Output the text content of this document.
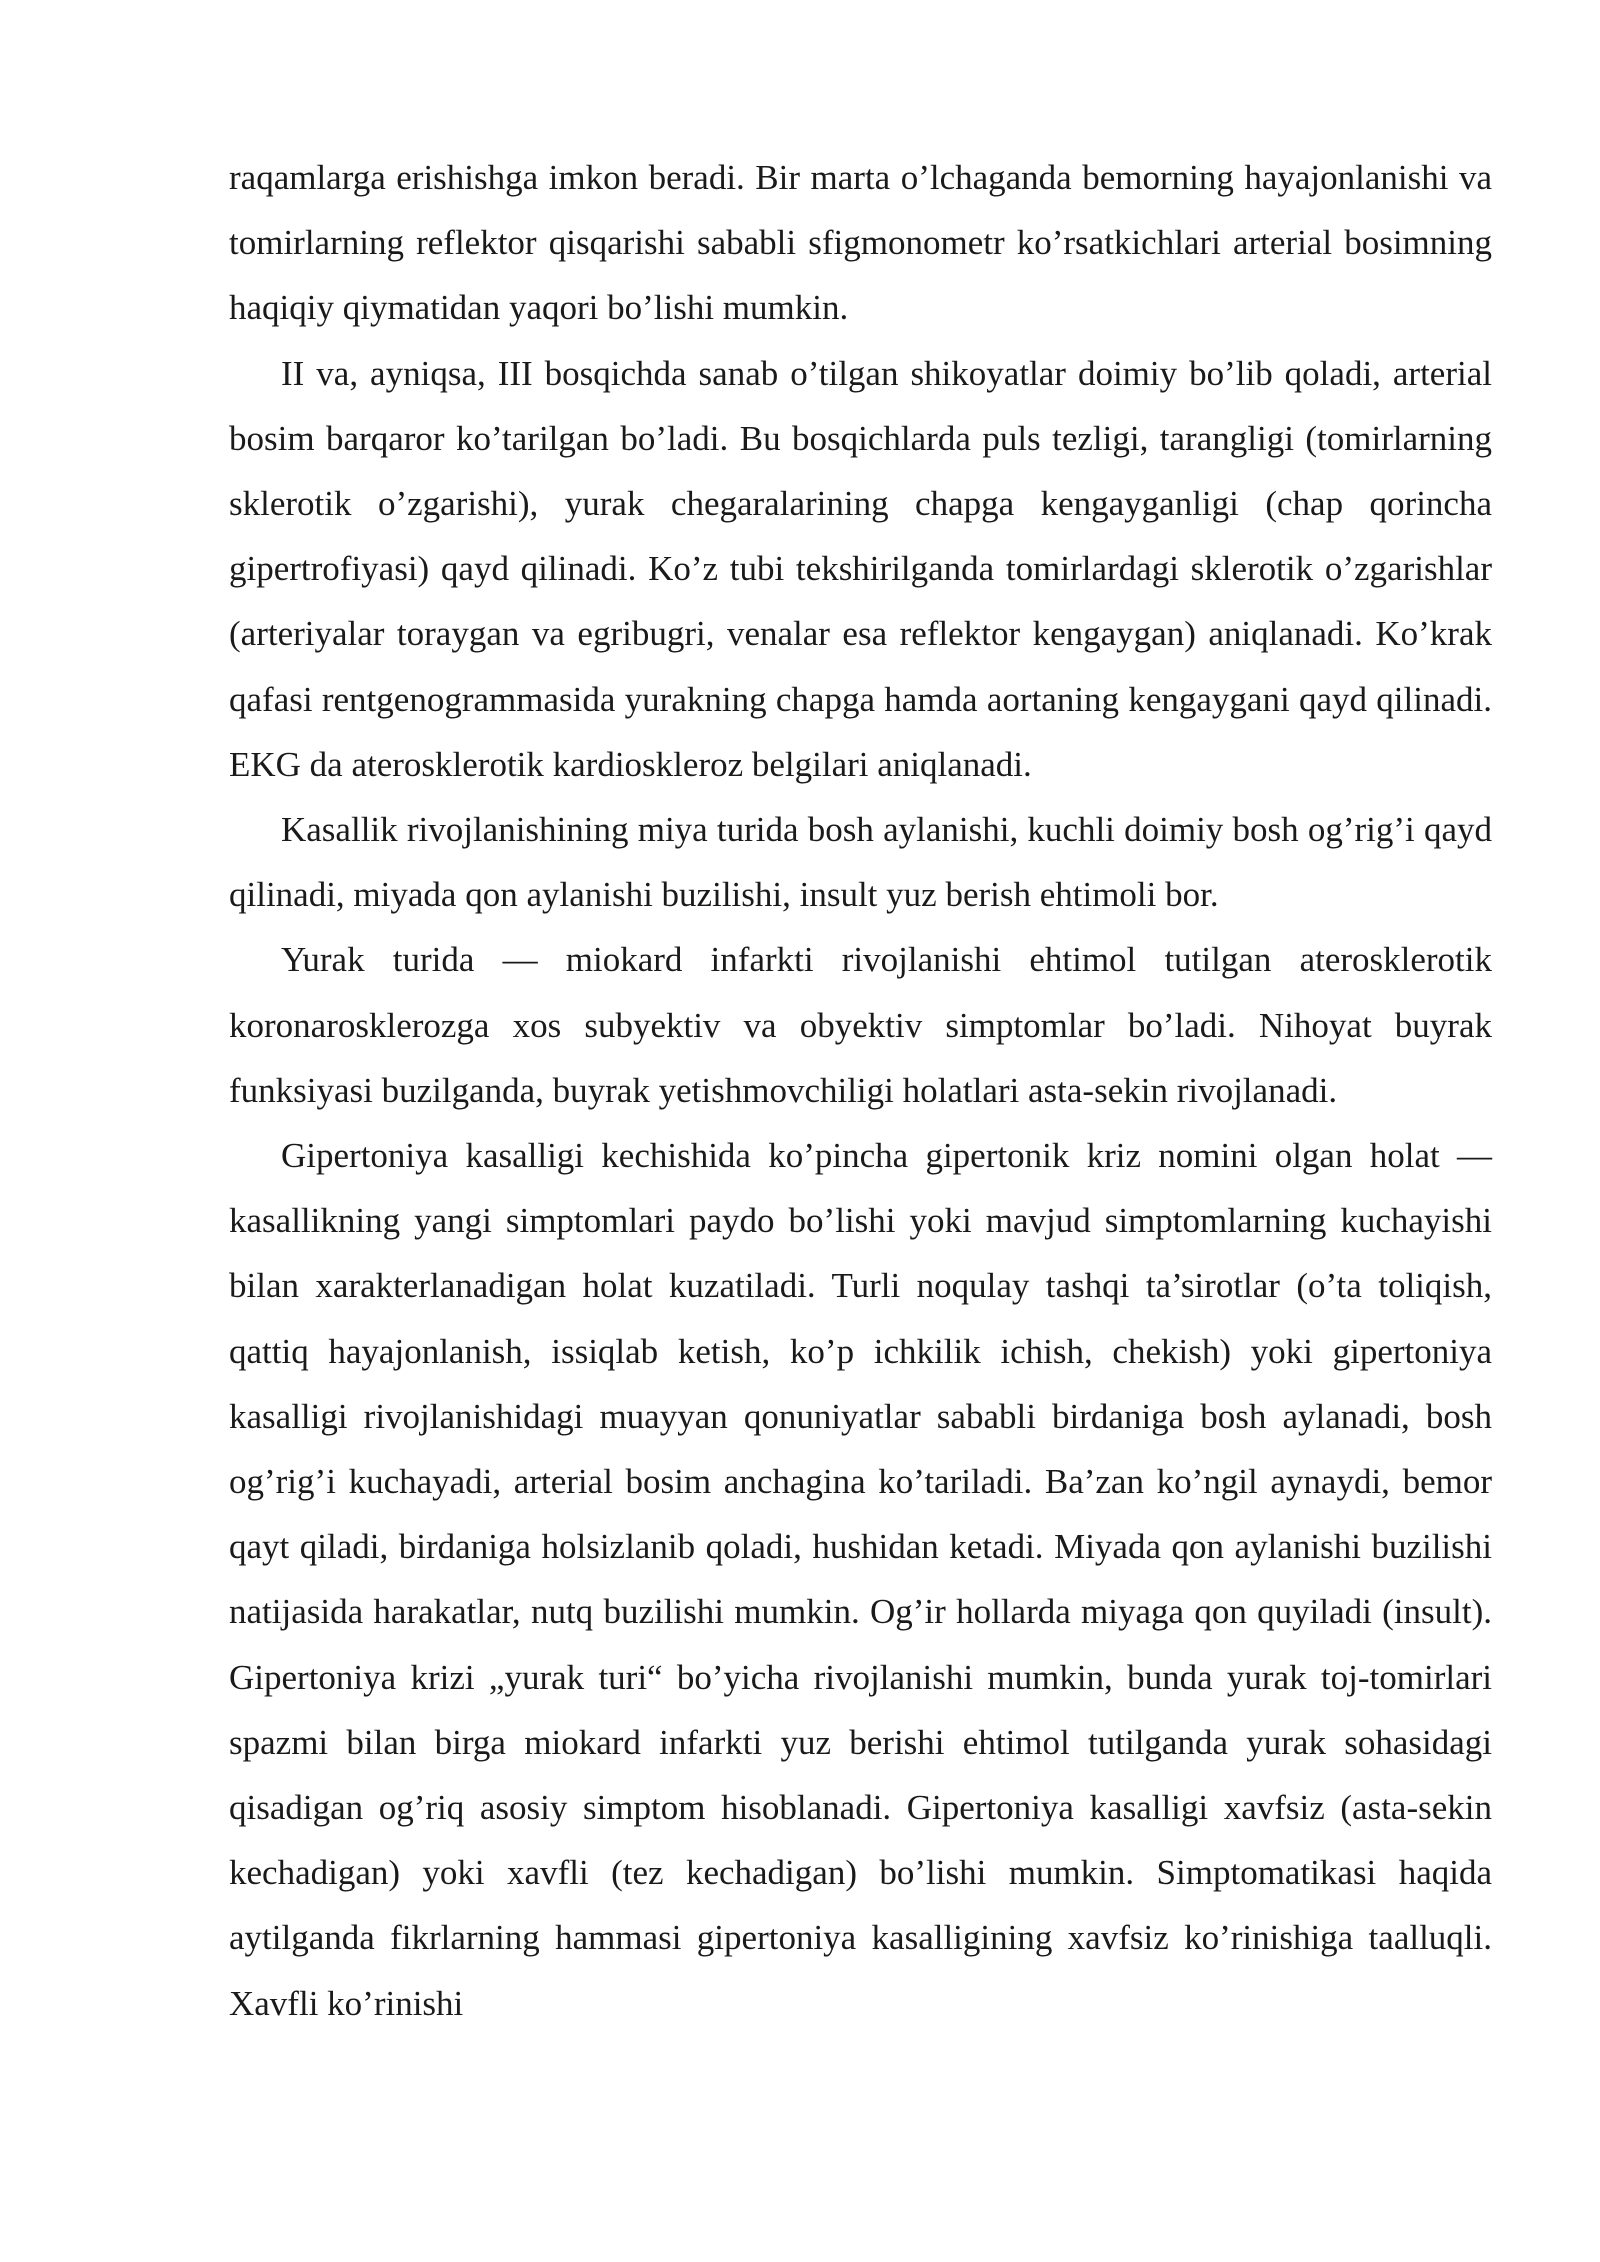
raqamlarga erishishga imkon beradi. Bir marta o’lchaganda bemorning hayajonlanishi va tomirlarning reflektor qisqarishi sababli sfigmonometr ko’rsatkichlari arterial bosimning haqiqiy qiymatidan yaqori bo’lishi mumkin.

II va, ayniqsa, III bosqichda sanab o’tilgan shikoyatlar doimiy bo’lib qoladi, arterial bosim barqaror ko’tarilgan bo’ladi. Bu bosqichlarda puls tezligi, tarangligi (tomirlarning sklerotik o’zgarishi), yurak chegaralarining chapga kengayganligi (chap qorincha gipertrofiyasi) qayd qilinadi. Ko’z tubi tekshirilganda tomirlardagi sklerotik o’zgarishlar (arteriyalar toraygan va egribugri, venalar esa reflektor kengaygan) aniqlanadi. Ko’krak qafasi rentgenogrammasida yurakning chapga hamda aortaning kengaygani qayd qilinadi. EKG da aterosklerotik kardioskleroz belgilari aniqlanadi.

Kasallik rivojlanishining miya turida bosh aylanishi, kuchli doimiy bosh og’rig’i qayd qilinadi, miyada qon aylanishi buzilishi, insult yuz berish ehtimoli bor.

Yurak turida — miokard infarkti rivojlanishi ehtimol tutilgan aterosklerotik koronarosklerozga xos subyektiv va obyektiv simptomlar bo’ladi. Nihoyat buyrak funksiyasi buzilganda, buyrak yetishmovchiligi holatlari asta-sekin rivojlanadi.

Gipertoniya kasalligi kechishida ko’pincha gipertonik kriz nomini olgan holat — kasallikning yangi simptomlari paydo bo’lishi yoki mavjud simptomlarning kuchayishi bilan xarakterlanadigan holat kuzatiladi. Turli noqulay tashqi ta’sirotlar (o’ta toliqish, qattiq hayajonlanish, issiqlab ketish, ko’p ichkilik ichish, chekish) yoki gipertoniya kasalligi rivojlanishidagi muayyan qonuniyatlar sababli birdaniga bosh aylanadi, bosh og’rig’i kuchayadi, arterial bosim anchagina ko’tariladi. Ba’zan ko’ngil aynaydi, bemor qayt qiladi, birdaniga holsizlanib qoladi, hushidan ketadi. Miyada qon aylanishi buzilishi natijasida harakatlar, nutq buzilishi mumkin. Og’ir hollarda miyaga qon quyiladi (insult). Gipertoniya krizi „yurak turi“ bo’yicha rivojlanishi mumkin, bunda yurak toj-tomirlari spazmi bilan birga miokard infarkti yuz berishi ehtimol tutilganda yurak sohasidagi qisadigan og’riq asosiy simptom hisoblanadi. Gipertoniya kasalligi xavfsiz (asta-sekin kechadigan) yoki xavfli (tez kechadigan) bo’lishi mumkin. Simptomatikasi haqida aytilganda fikrlarning hammasi gipertoniya kasalligining xavfsiz ko’rinishiga taalluqli. Xavfli ko’rinishi
